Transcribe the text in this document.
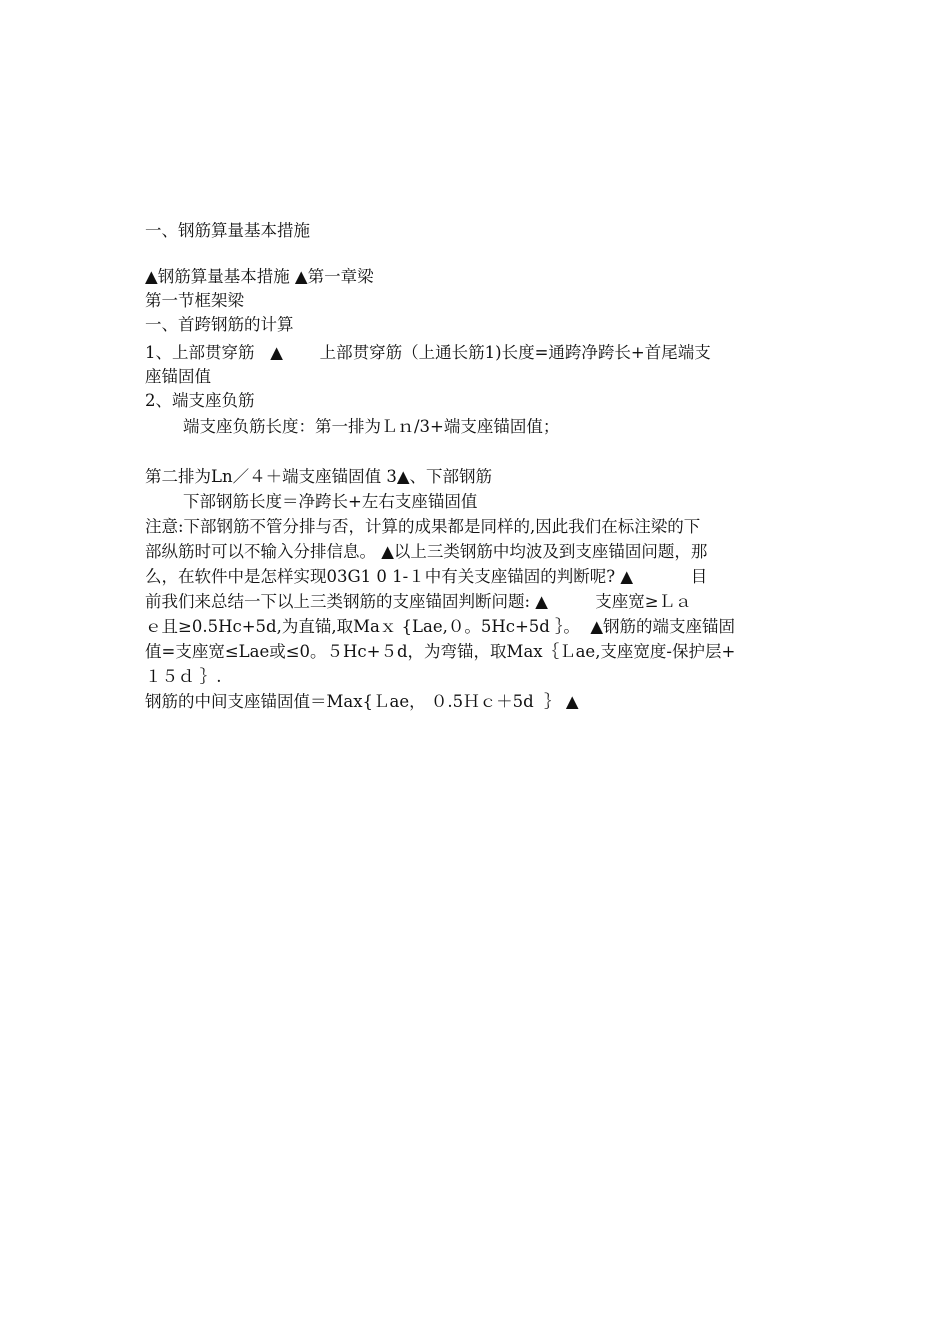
一、钢筋算量基本措施
▲钢筋算量基本措施 ▲第一章梁
第一节框架梁
一、首跨钢筋的计算
1、上部贯穿筋   ▲       上部贯穿筋（上通长筋1)长度=通跨净跨长+首尾端支
座锚固值
2、端支座负筋
端支座负筋长度：第一排为Ｌｎ/3+端支座锚固值；
第二排为Ln／４＋端支座锚固值 3▲、下部钢筋
下部钢筋长度＝净跨长+左右支座锚固值
注意:下部钢筋不管分排与否，计算的成果都是同样的,因此我们在标注梁的下
部纵筋时可以不输入分排信息。 ▲以上三类钢筋中均波及到支座锚固问题，那
么，在软件中是怎样实现03G1 0 1-１中有关支座锚固的判断呢? ▲           目
前我们来总结一下以上三类钢筋的支座锚固判断问题: ▲         支座宽≥Ｌａ
ｅ且≥0.5Hc+5d,为直锚,取Maｘ {Lae,０。5Hc+5d ｝。  ▲钢筋的端支座锚固
值=支座宽≤Lae或≤0。５Hc+５d，为弯锚，取Max｛Ｌae,支座宽度-保护层+
１５ｄ ｝.
钢筋的中间支座锚固值＝Max{Ｌae， ０.5Ｈｃ＋5d  ｝ ▲
